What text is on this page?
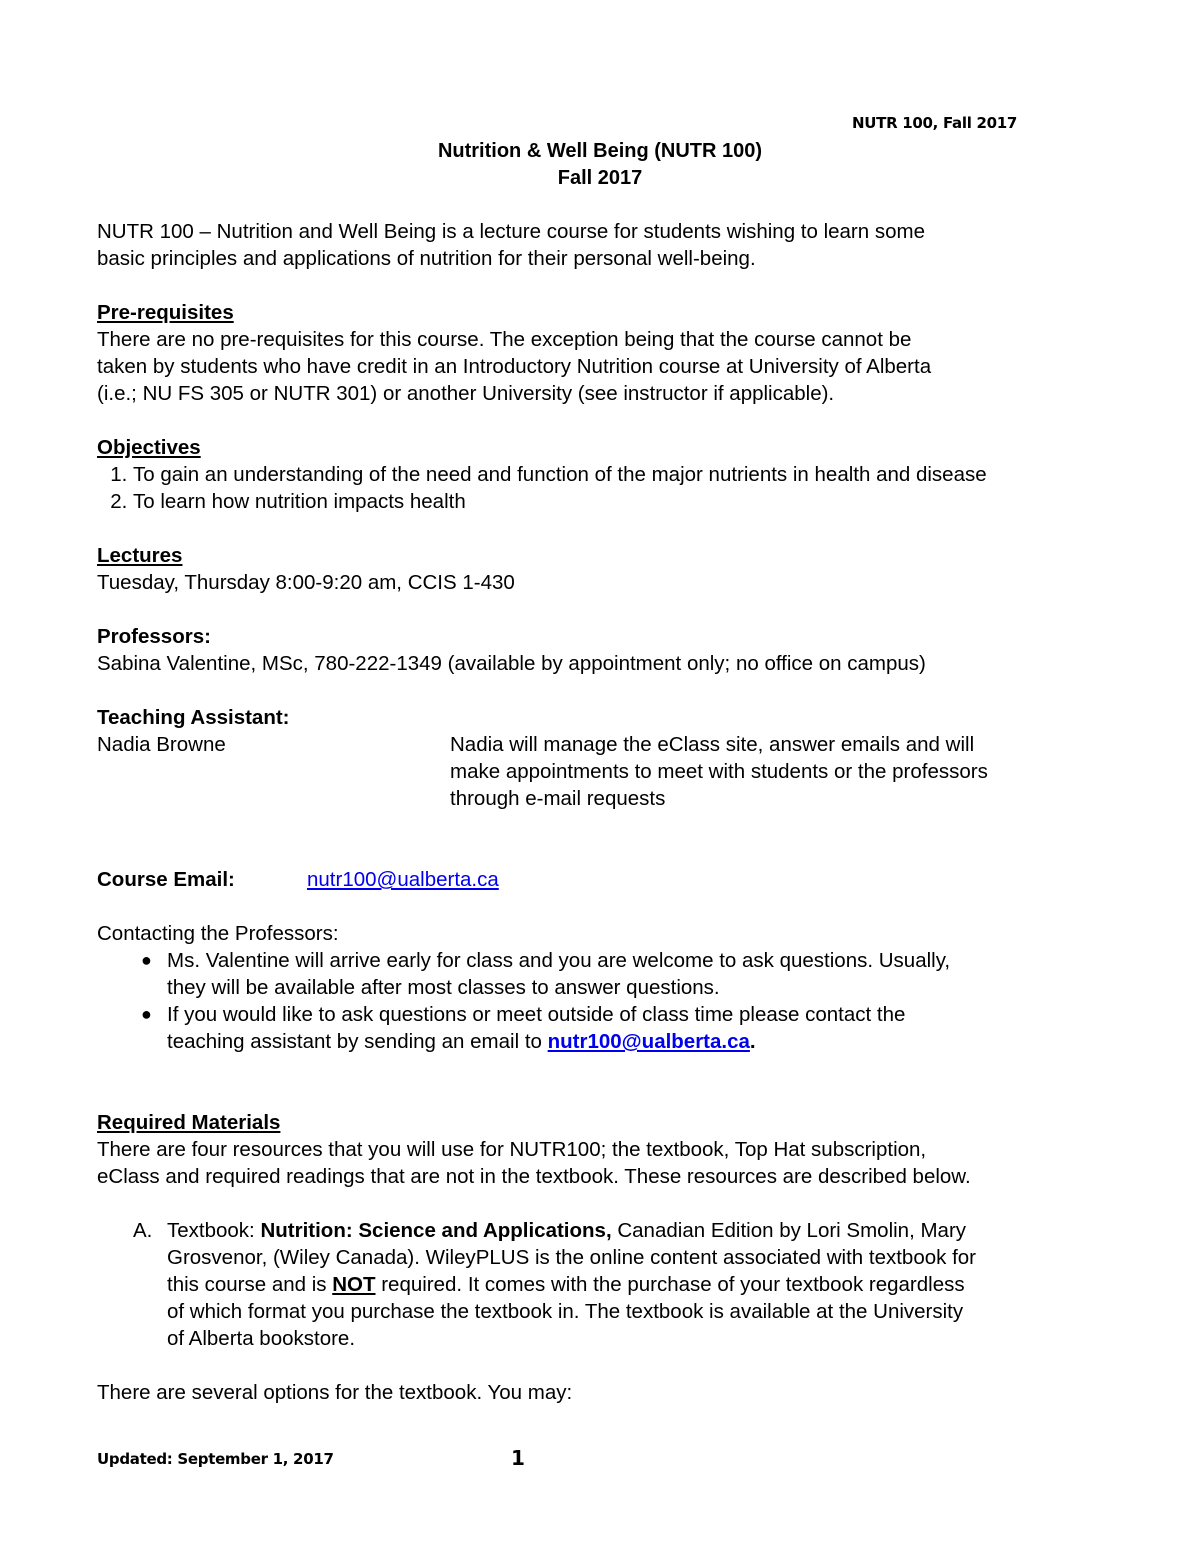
NUTR 100, Fall 2017
Nutrition & Well Being (NUTR 100)
Fall 2017

NUTR 100 – Nutrition and Well Being is a lecture course for students wishing to learn some

basic principles and applications of nutrition for their personal well-being.

Pre-requisites

There are no pre-requisites for this course. The exception being that the course cannot be

taken by students who have credit in an Introductory Nutrition course at University of Alberta

(i.e.; NU FS 305 or NUTR 301) or another University (see instructor if applicable).

Objectives

1. To gain an understanding of the need and function of the major nutrients in health and disease
2. To learn how nutrition impacts health

Lectures

Tuesday, Thursday 8:00-9:20 am, CCIS 1-430

Professors:

Sabina Valentine, MSc, 780-222-1349 (available by appointment only; no office on campus)

Teaching Assistant:

Nadia Browne	Nadia will manage the eClass site, answer emails and will

make appointments to meet with students or the professors

through e-mail requests

Course Email:	nutr100@ualberta.ca

Contacting the Professors:

● Ms. Valentine will arrive early for class and you are welcome to ask questions. Usually,
they will be available after most classes to answer questions.
● If you would like to ask questions or meet outside of class time please contact the
teaching assistant by sending an email to nutr100@ualberta.ca.

Required Materials

There are four resources that you will use for NUTR100; the textbook, Top Hat subscription,

eClass and required readings that are not in the textbook. These resources are described below.

A. Textbook: Nutrition: Science and Applications, Canadian Edition by Lori Smolin, Mary

Grosvenor, (Wiley Canada). WileyPLUS is the online content associated with textbook for

this course and is NOT required. It comes with the purchase of your textbook regardless

of which format you purchase the textbook in. The textbook is available at the University

of Alberta bookstore.

There are several options for the textbook. You may:

Updated: September 1, 2017	1
